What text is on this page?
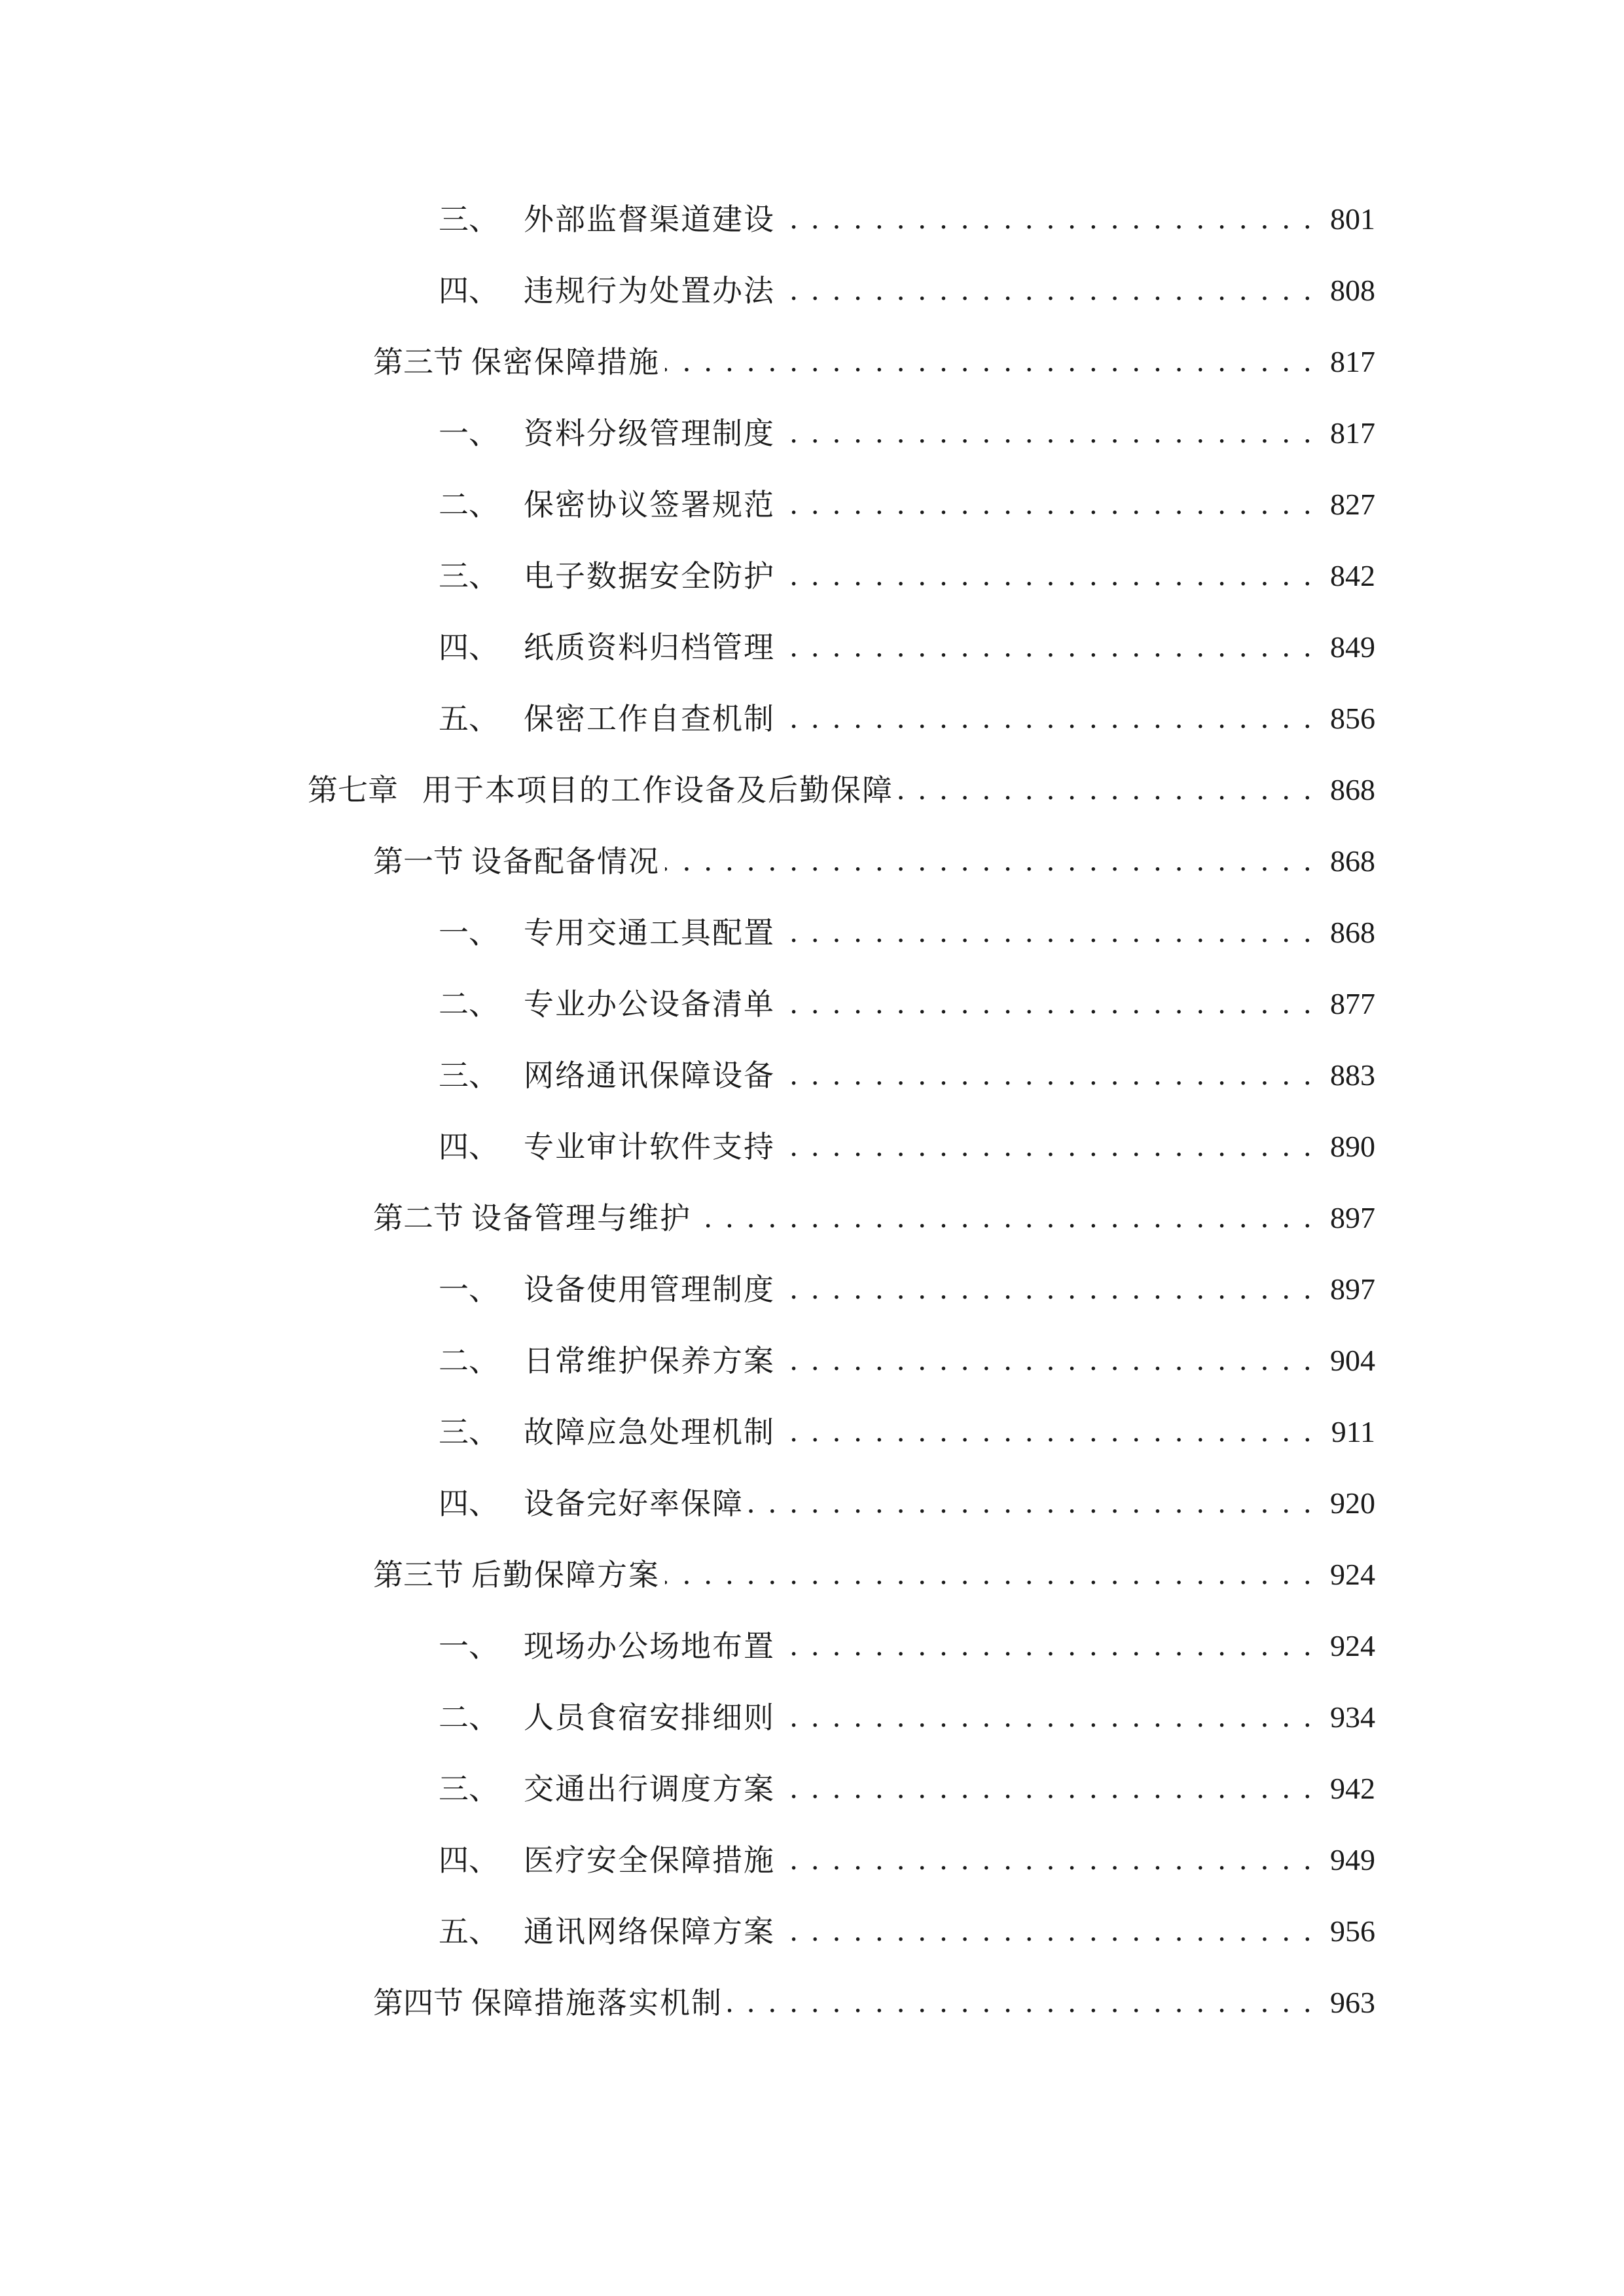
三、 外部监督渠道建设 . . .	801
四、 违规行为处置办法 . . .	808
第三节 保密保障措施 . . .	817
一、 资料分级管理制度 . . .	817
二、 保密协议签署规范 . . .	827
三、 电子数据安全防护 . . .	842
四、 纸质资料归档管理 . . .	849
五、 保密工作自查机制 . . .	856
第七章 用于本项目的工作设备及后勤保障 . . .	868
第一节 设备配备情况 . . .	868
一、 专用交通工具配置 . . .	868
二、 专业办公设备清单 . . .	877
三、 网络通讯保障设备 . . .	883
四、 专业审计软件支持 . . .	890
第二节 设备管理与维护 . . .	897
一、 设备使用管理制度 . . .	897
二、 日常维护保养方案 . . .	904
三、 故障应急处理机制 . . .	911
四、 设备完好率保障 . . .	920
第三节 后勤保障方案 . . .	924
一、 现场办公场地布置 . . .	924
二、 人员食宿安排细则 . . .	934
三、 交通出行调度方案 . . .	942
四、 医疗安全保障措施 . . .	949
五、 通讯网络保障方案 . . .	956
第四节 保障措施落实机制 . . .	963
